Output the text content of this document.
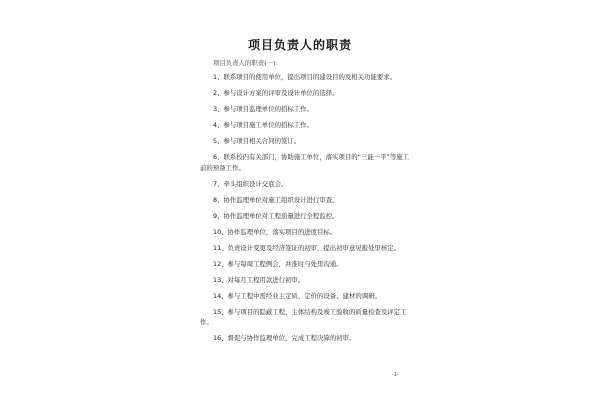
项目负责人的职责
项目负责人的职责(一)：
1、联系项目的使用单位，提出项目的建设目的及相关功能要求。
2、参与设计方案的评审及设计单位的选择。
3、参与项目监理单位的招标工作。
4、参与项目施工单位的招标工作。
5、参与项目相关合同的签订。
6、联系校内有关部门，协助施工单位，落实项目的“三能一平”等施工前的预备工作。
7、牵头组织设计交底会。
8、协作监理单位对施工组织设计进行审查。
9、协作监理单位对工程质量进行全程监控。
10、协作监理单位，落实项目的进度目标。
11、负责设计变更及经济签证的初审，提出初审意见报处里核定。
12、参与每周工程例会，并准时与处里沟通。
13、对每月工程用款进行初审。
14、参与工程中需经业主定质、定价的设备、建材的调研。
15、参与项目的隐蔽工程、主体结构及竣工验收的质量检查及评定工作。
16、督促与协作监理单位，完成工程决算的初审。
-1-
